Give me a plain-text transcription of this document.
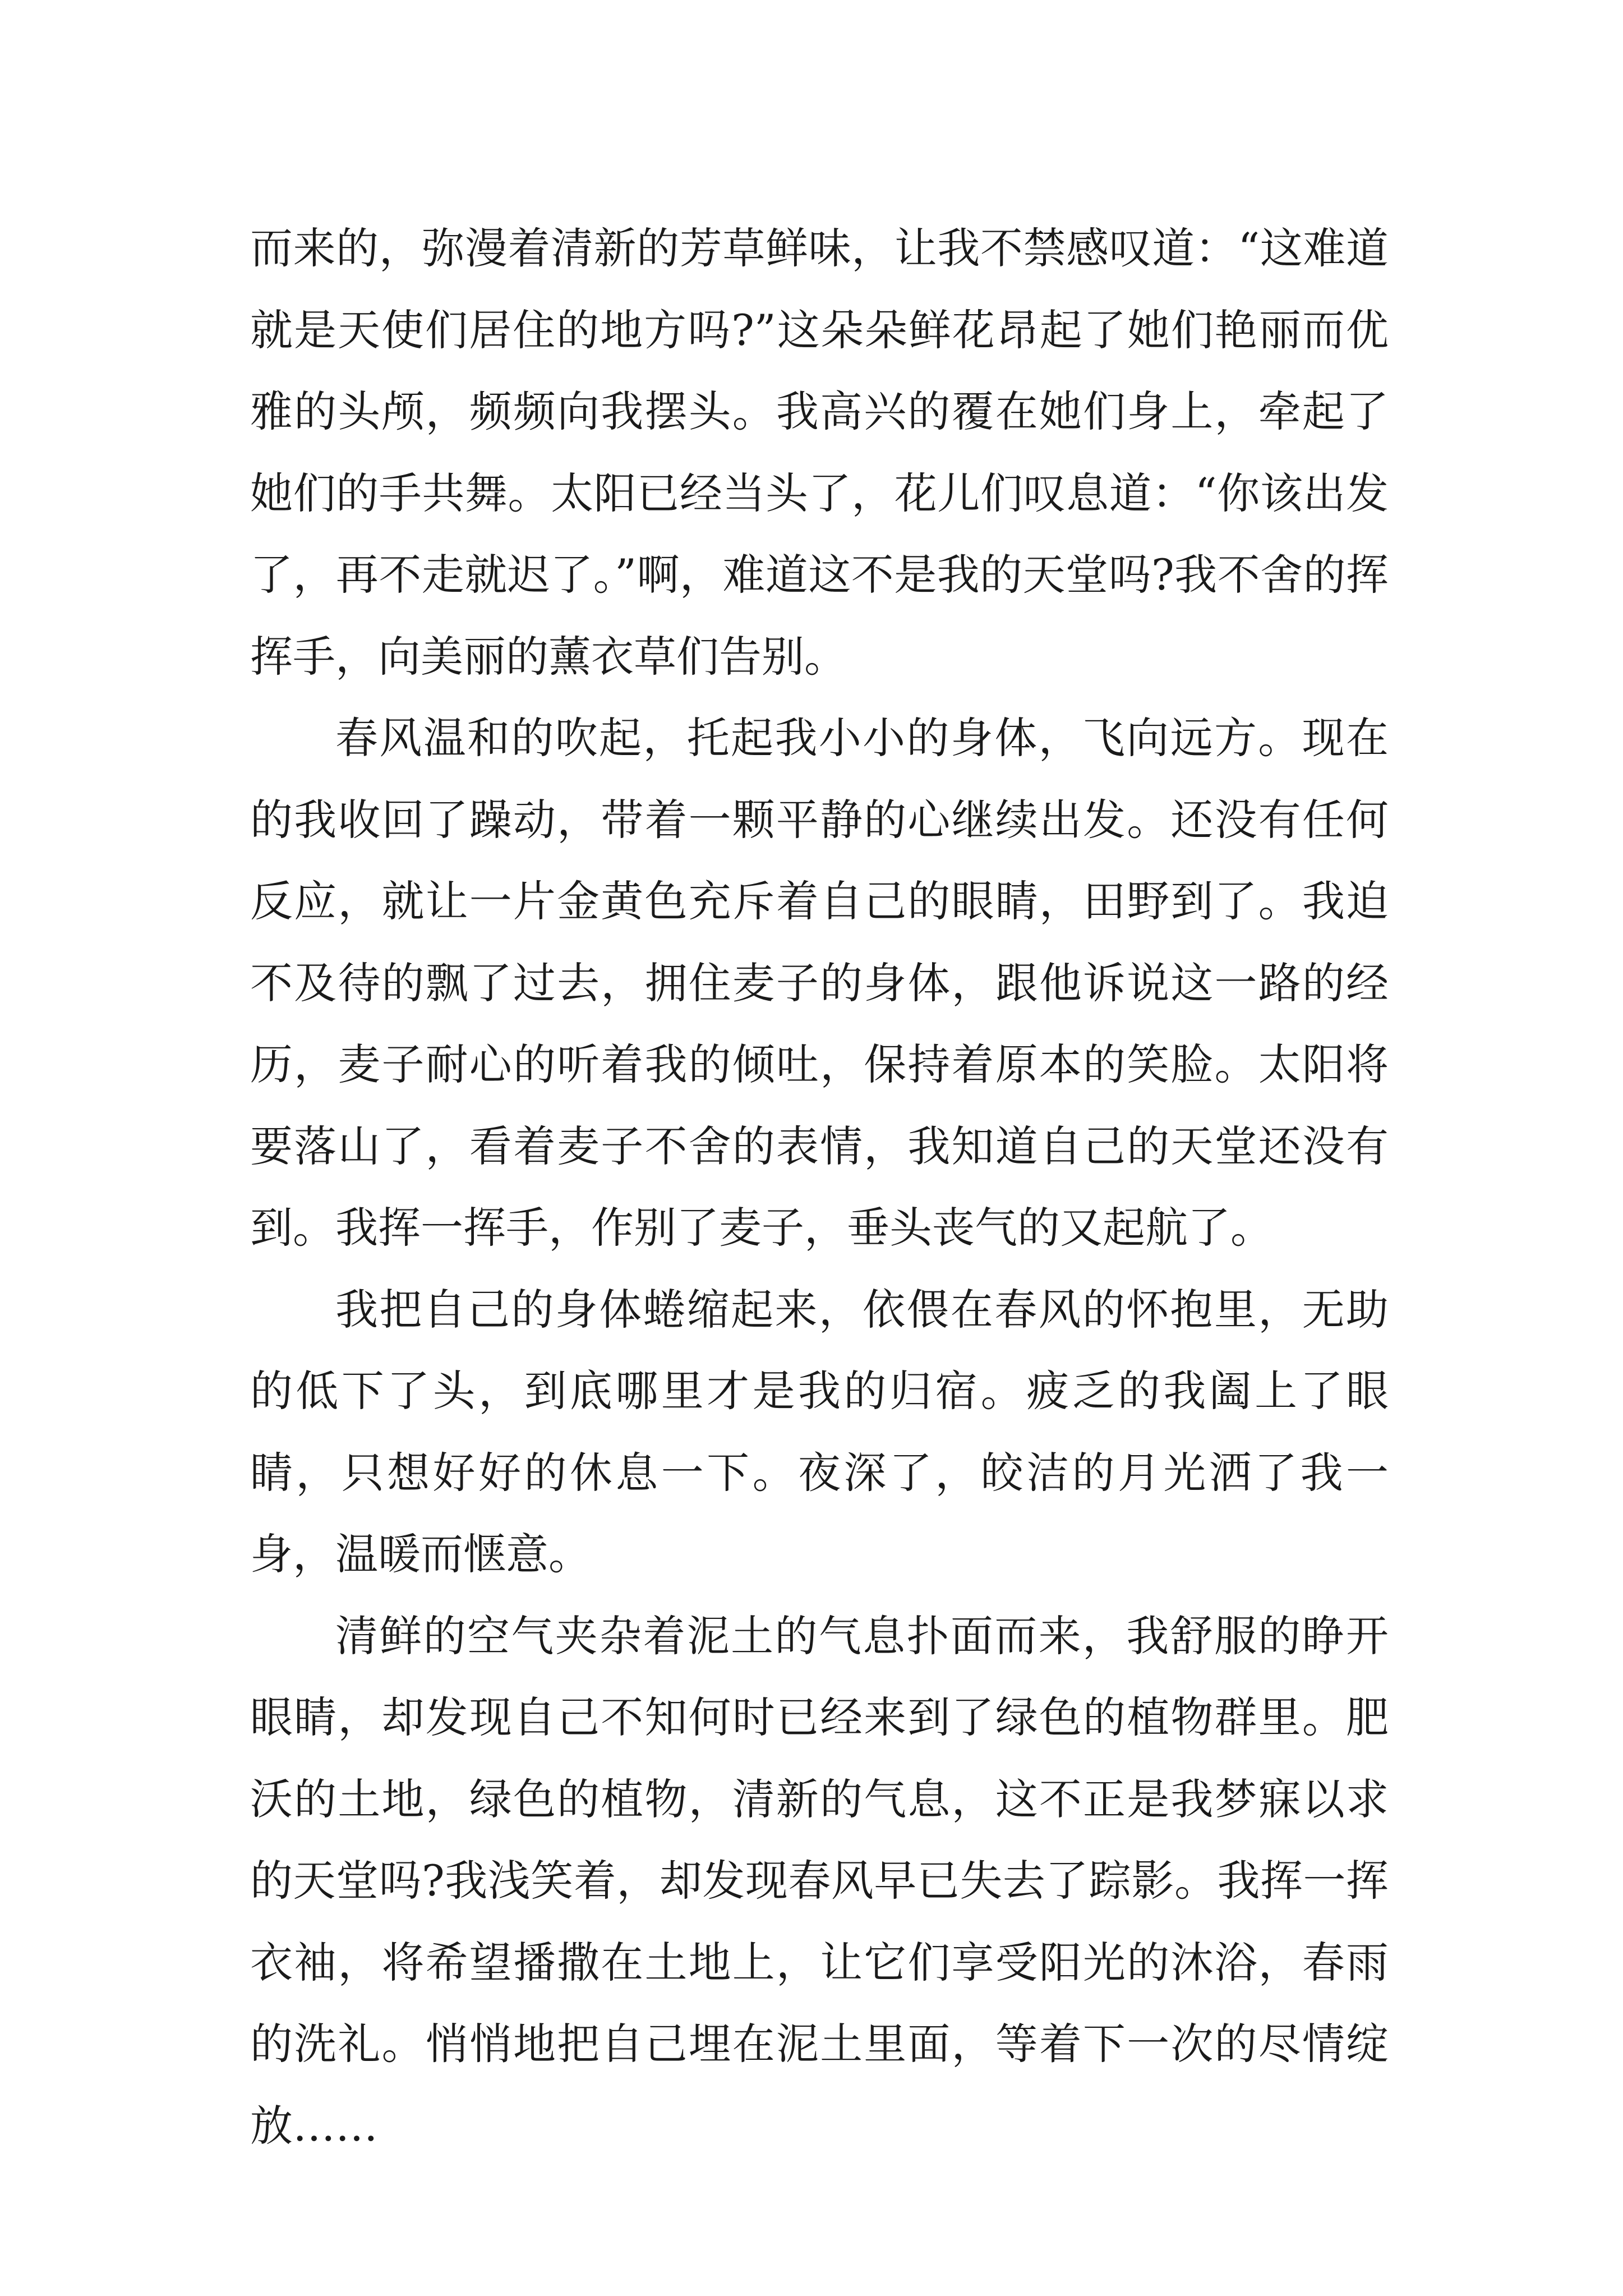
而来的，弥漫着清新的芳草鲜味，让我不禁感叹道：“这难道就是天使们居住的地方吗?”这朵朵鲜花昂起了她们艳丽而优雅的头颅，频频向我摆头。我高兴的覆在她们身上，牵起了她们的手共舞。太阳已经当头了，花儿们叹息道：“你该出发了，再不走就迟了。”啊，难道这不是我的天堂吗?我不舍的挥挥手，向美丽的薰衣草们告别。

春风温和的吹起，托起我小小的身体，飞向远方。现在的我收回了躁动，带着一颗平静的心继续出发。还没有任何反应，就让一片金黄色充斥着自己的眼睛，田野到了。我迫不及待的飘了过去，拥住麦子的身体，跟他诉说这一路的经历，麦子耐心的听着我的倾吐，保持着原本的笑脸。太阳将要落山了，看着麦子不舍的表情，我知道自己的天堂还没有到。我挥一挥手，作别了麦子，垂头丧气的又起航了。

我把自己的身体蜷缩起来，依偎在春风的怀抱里，无助的低下了头，到底哪里才是我的归宿。疲乏的我阖上了眼睛，只想好好的休息一下。夜深了，皎洁的月光洒了我一身，温暖而惬意。

清鲜的空气夹杂着泥土的气息扑面而来，我舒服的睁开眼睛，却发现自己不知何时已经来到了绿色的植物群里。肥沃的土地，绿色的植物，清新的气息，这不正是我梦寐以求的天堂吗?我浅笑着，却发现春风早已失去了踪影。我挥一挥衣袖，将希望播撒在土地上，让它们享受阳光的沐浴，春雨的洗礼。悄悄地把自己埋在泥土里面，等着下一次的尽情绽放……
